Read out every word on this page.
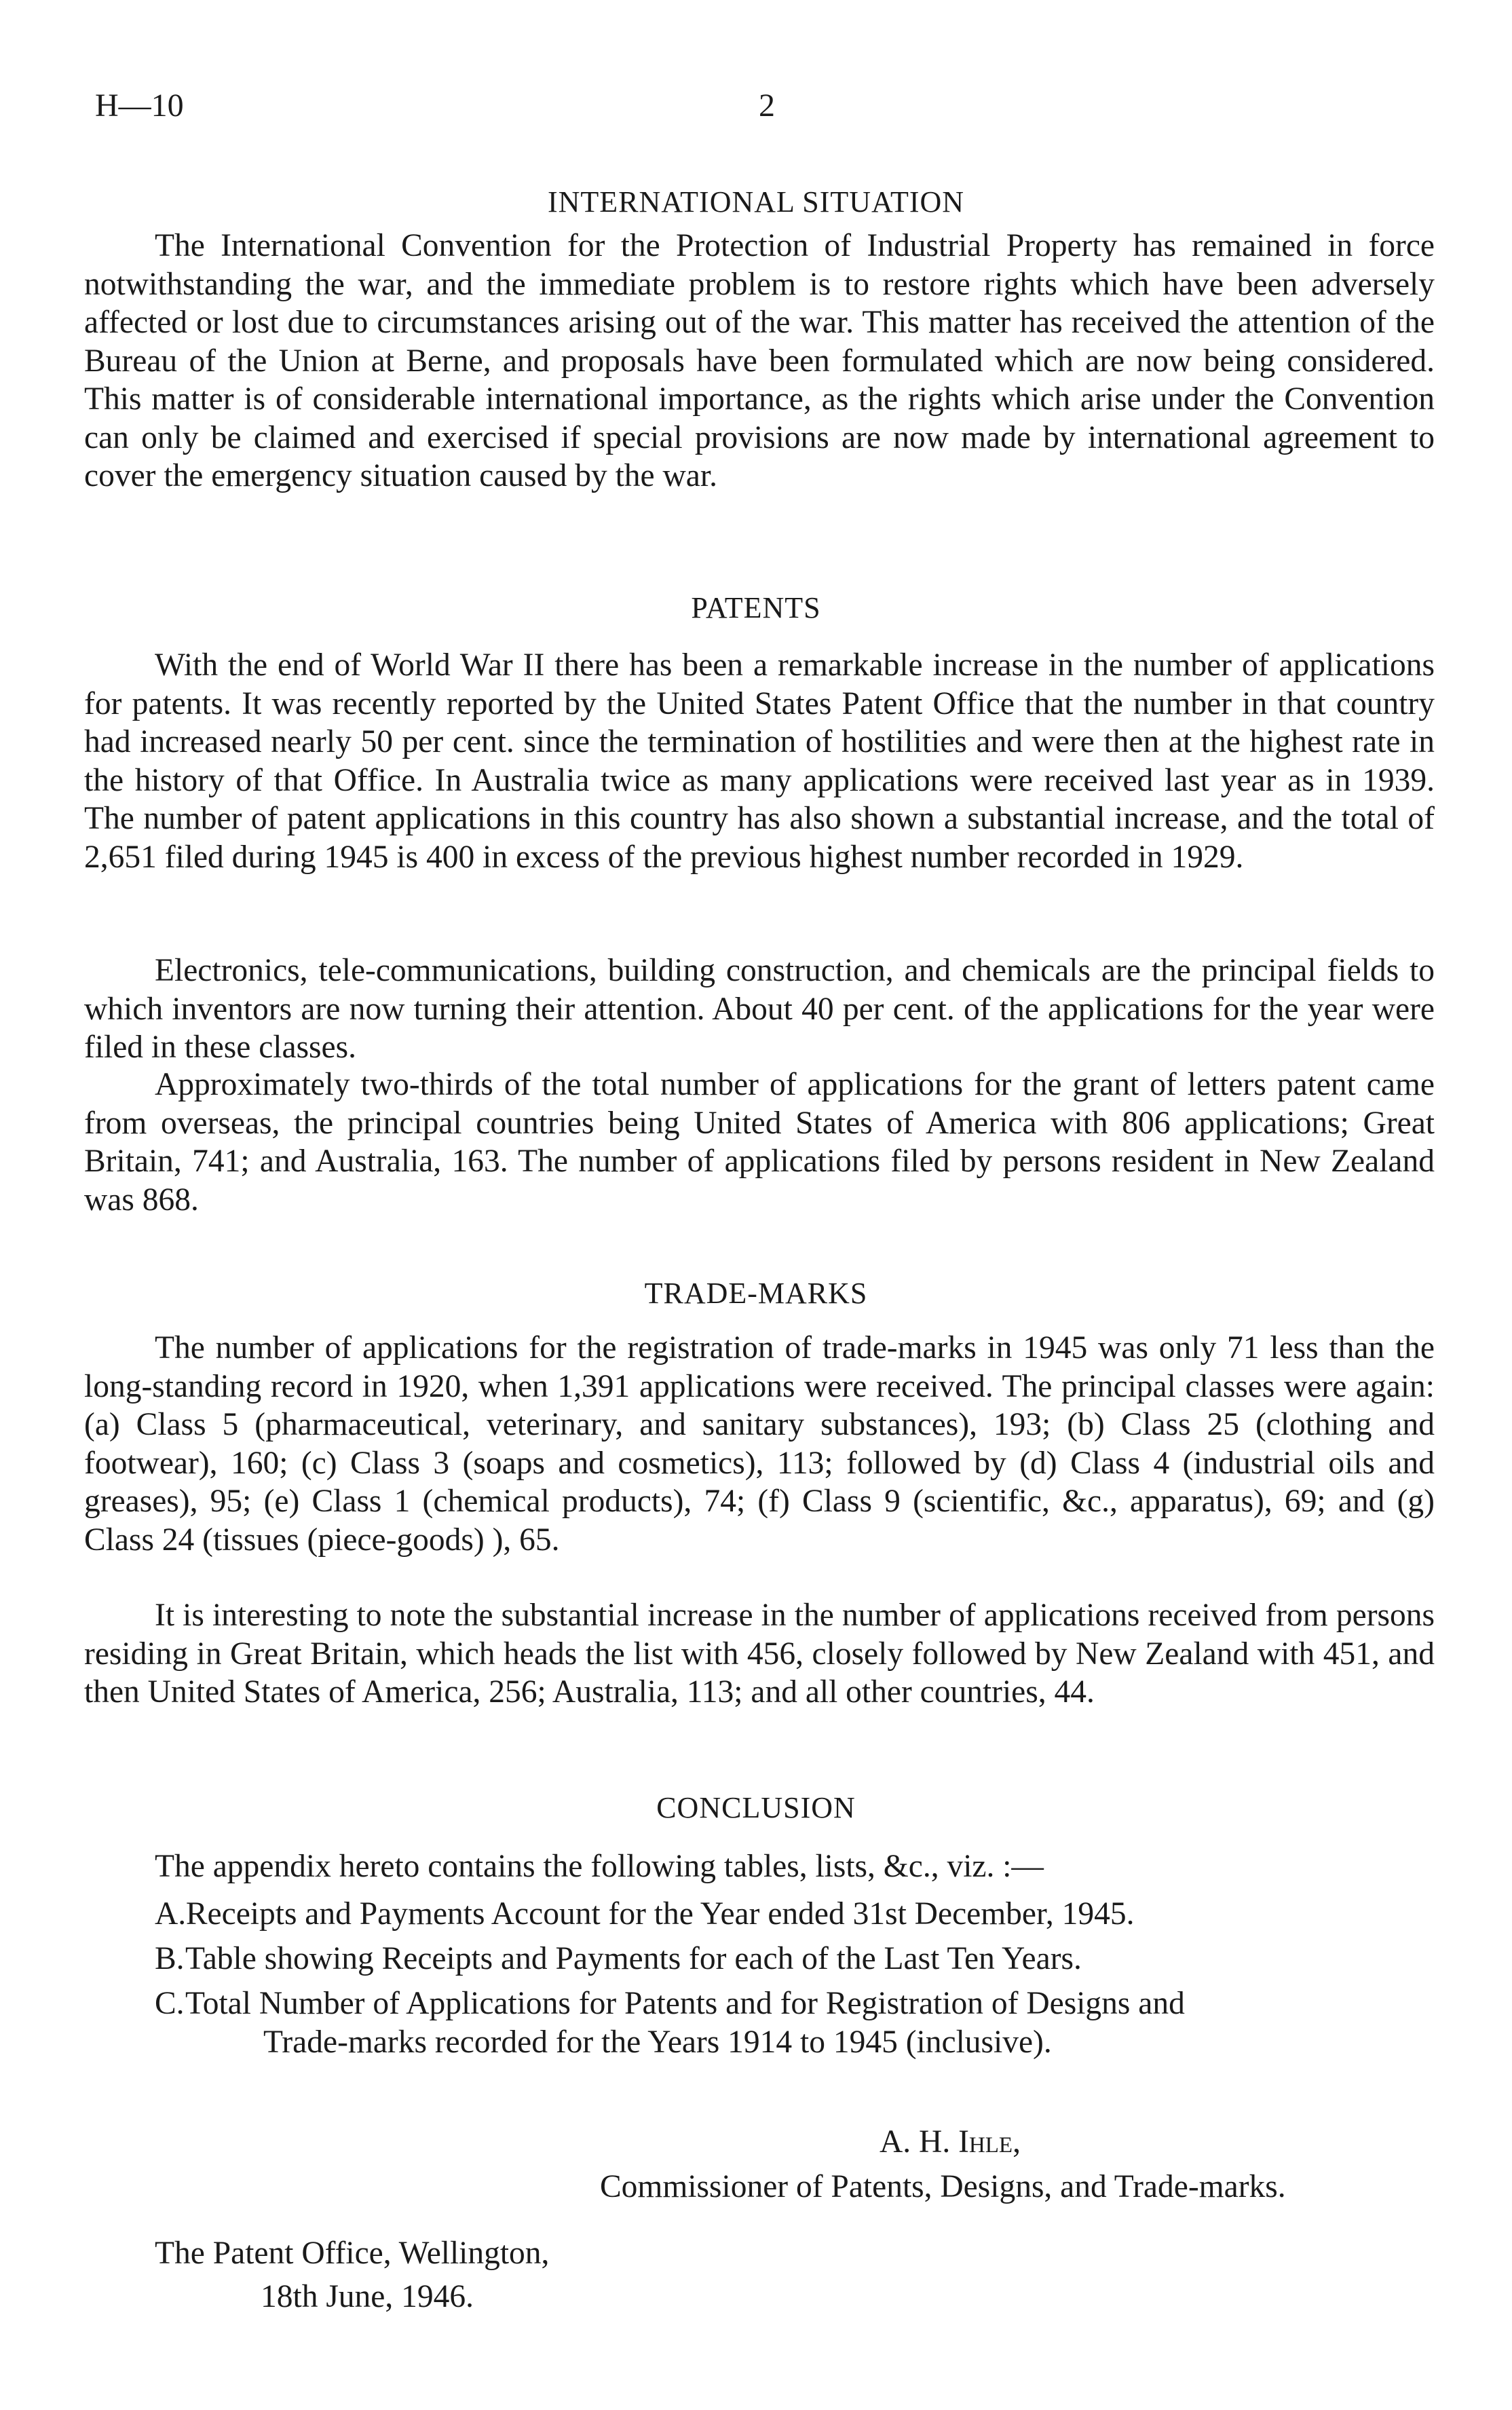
H—10	2
INTERNATIONAL SITUATION

The International Convention for the Protection of Industrial Property has remained in force notwithstanding the war, and the immediate problem is to restore rights which have been adversely affected or lost due to circumstances arising out of the war. This matter has received the attention of the Bureau of the Union at Berne, and proposals have been formulated which are now being considered. This matter is of considerable international importance, as the rights which arise under the Convention can only be claimed and exercised if special provisions are now made by international agreement to cover the emergency situation caused by the war.

PATENTS

With the end of World War II there has been a remarkable increase in the number of applications for patents. It was recently reported by the United States Patent Office that the number in that country had increased nearly 50 per cent. since the termination of hostilities and were then at the highest rate in the history of that Office. In Australia twice as many applications were received last year as in 1939. The number of patent applications in this country has also shown a substantial increase, and the total of 2,651 filed during 1945 is 400 in excess of the previous highest number recorded in 1929.

Electronics, tele-communications, building construction, and chemicals are the principal fields to which inventors are now turning their attention. About 40 per cent. of the applications for the year were filed in these classes.

Approximately two-thirds of the total number of applications for the grant of letters patent came from overseas, the principal countries being United States of America with 806 applications; Great Britain, 741; and Australia, 163. The number of applications filed by persons resident in New Zealand was 868.

TRADE-MARKS

The number of applications for the registration of trade-marks in 1945 was only 71 less than the long-standing record in 1920, when 1,391 applications were received. The principal classes were again: (a) Class 5 (pharmaceutical, veterinary, and sanitary substances), 193; (b) Class 25 (clothing and footwear), 160; (c) Class 3 (soaps and cosmetics), 113; followed by (d) Class 4 (industrial oils and greases), 95; (e) Class 1 (chemical products), 74; (f) Class 9 (scientific, &c., apparatus), 69; and (g) Class 24 (tissues (piece-goods) ), 65.

It is interesting to note the substantial increase in the number of applications received from persons residing in Great Britain, which heads the list with 456, closely followed by New Zealand with 451, and then United States of America, 256; Australia, 113; and all other countries, 44.

CONCLUSION

The appendix hereto contains the following tables, lists, &c., viz. :—

A. Receipts and Payments Account for the Year ended 31st December, 1945.
B. Table showing Receipts and Payments for each of the Last Ten Years.
C. Total Number of Applications for Patents and for Registration of Designs and
Trade-marks recorded for the Years 1914 to 1945 (inclusive).
A. H. Ihle,
Commissioner of Patents, Designs, and Trade-marks.
The Patent Office, Wellington,
18th June, 1946.
